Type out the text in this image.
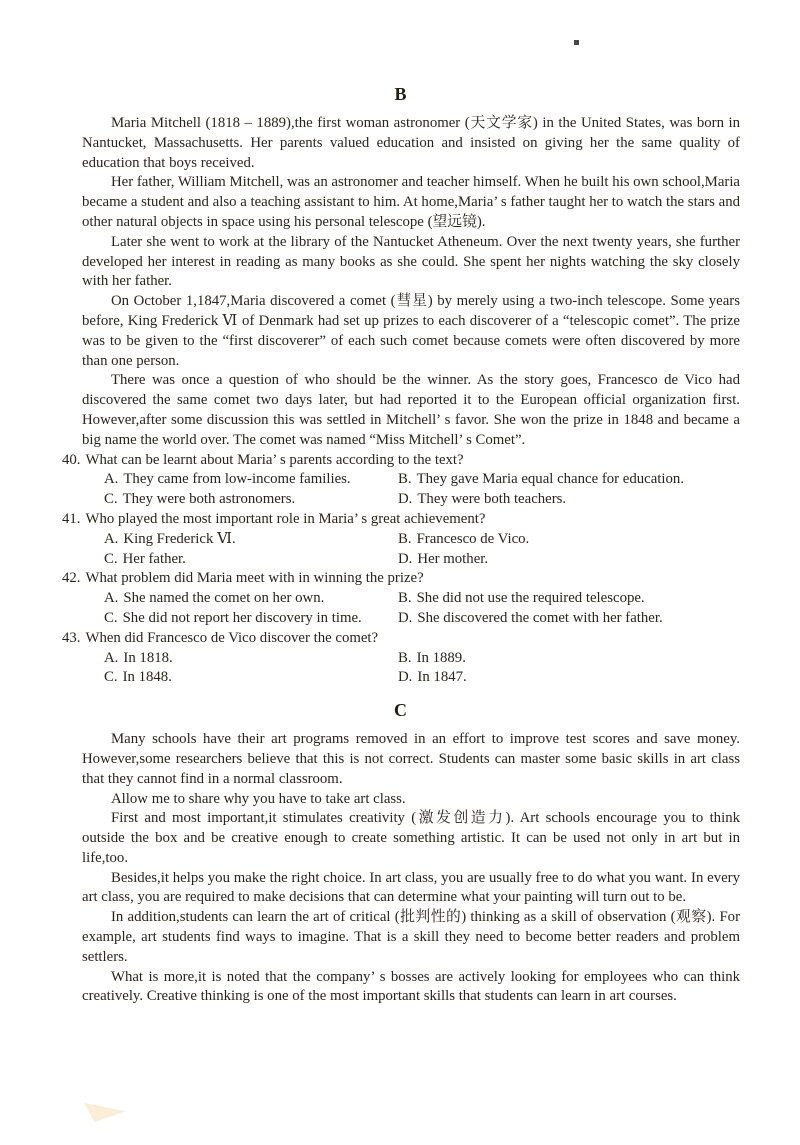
B

Maria Mitchell (1818 – 1889),the first woman astronomer (天文学家) in the United States, was born in Nantucket, Massachusetts. Her parents valued education and insisted on giving her the same quality of education that boys received.

Her father, William Mitchell, was an astronomer and teacher himself. When he built his own school,Maria became a student and also a teaching assistant to him. At home,Maria’ s father taught her to watch the stars and other natural objects in space using his personal telescope (望远镜).

Later she went to work at the library of the Nantucket Atheneum. Over the next twenty years, she further developed her interest in reading as many books as she could. She spent her nights watching the sky closely with her father.

On October 1,1847,Maria discovered a comet (彗星) by merely using a two-inch telescope. Some years before, King Frederick Ⅵ of Denmark had set up prizes to each discoverer of a “telescopic comet”. The prize was to be given to the “first discoverer” of each such comet because comets were often discovered by more than one person.

There was once a question of who should be the winner. As the story goes, Francesco de Vico had discovered the same comet two days later, but had reported it to the European official organization first. However,after some discussion this was settled in Mitchell’ s favor. She won the prize in 1848 and became a big name the world over. The comet was named “Miss Mitchell’ s Comet”.

40. What can be learnt about Maria’ s parents according to the text?
A. They came from low-income families.	B. They gave Maria equal chance for education.
C. They were both astronomers.	D. They were both teachers.
41. Who played the most important role in Maria’ s great achievement?
A. King Frederick Ⅵ.	B. Francesco de Vico.
C. Her father.	D. Her mother.
42. What problem did Maria meet with in winning the prize?
A. She named the comet on her own.	B. She did not use the required telescope.
C. She did not report her discovery in time.	D. She discovered the comet with her father.
43. When did Francesco de Vico discover the comet?
A. In 1818.	B. In 1889.
C. In 1848.	D. In 1847.
C

Many schools have their art programs removed in an effort to improve test scores and save money. However,some researchers believe that this is not correct. Students can master some basic skills in art class that they cannot find in a normal classroom.

Allow me to share why you have to take art class.

First and most important,it stimulates creativity (激发创造力). Art schools encourage you to think outside the box and be creative enough to create something artistic. It can be used not only in art but in life,too.

Besides,it helps you make the right choice. In art class, you are usually free to do what you want. In every art class, you are required to make decisions that can determine what your painting will turn out to be.

In addition,students can learn the art of critical (批判性的) thinking as a skill of observation (观察). For example, art students find ways to imagine. That is a skill they need to become better readers and problem settlers.

What is more,it is noted that the company’ s bosses are actively looking for employees who can think creatively. Creative thinking is one of the most important skills that students can learn in art courses.
